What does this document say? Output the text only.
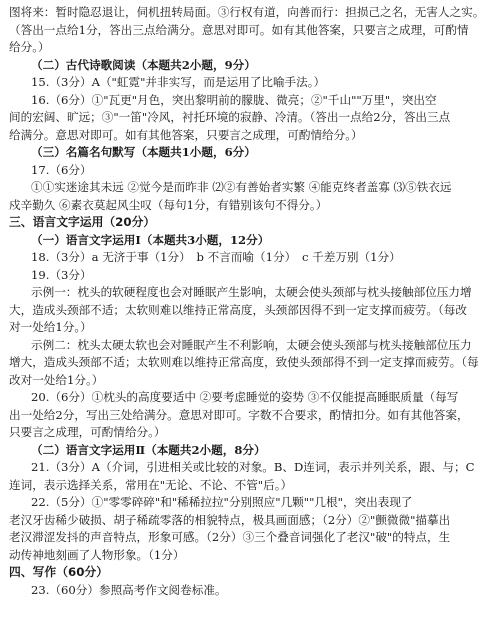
图将来：暂时隐忍退让，伺机扭转局面。③行权有道，向善而行：担损己之名，无害人之实。
（答出一点给1分，答出三点给满分。意思对即可。如有其他答案，只要言之成理，可酌情
给分。）
（二）古代诗歌阅读（本题共2小题，9分）
15.（3分）A（"虹霓"并非实写，而是运用了比喻手法。）
16.（6分）①"瓦更"月色，突出黎明前的朦胧、微亮；②"千山""万里"，突出空
间的宏阔、旷远；③"一笛"冷风，衬托环境的寂静、冷清。（答出一点给2分，答出三点
给满分。意思对即可。如有其他答案，只要言之成理，可酌情给分。）
（三）名篇名句默写（本题共1小题，6分）
17.（6分）
①①实迷途其未远 ②觉今是而昨非 ⑵②有善始者实繁 ④能克终者盖寡 ⑶⑤铁衣远
戍辛勤久 ⑥素衣莫起风尘叹（每句1分，有错别该句不得分。）
三、语言文字运用（20分）
（一）语言文字运用Ⅰ（本题共3小题，12分）
18.（3分）a 无济于事（1分）　b 不言而喻（1分）　c 千差万别（1分）
19.（3分）
示例一：枕头的软硬程度也会对睡眠产生影响，太硬会使头颈部与枕头接触部位压力增
大，造成头颈部不适；太软则难以维持正常高度，头颈部因得不到一定支撑而疲劳。（每改
对一处给1分。）
示例二：枕头太硬太软也会对睡眠产生不利影响，太硬会使头颈部与枕头接触部位压力
增大，造成头颈部不适；太软则难以维持正常高度，致使头颈部得不到一定支撑而疲劳。（每
改对一处给1分。）
20.（6分）①枕头的高度要适中 ②要考虑睡觉的姿势 ③不仅能提高睡眠质量（每写
出一处给2分，写出三处给满分。意思对即可。字数不合要求，酌情扣分。如有其他答案，
只要言之成理，可酌情给分。）
（二）语言文字运用Ⅱ（本题共2小题，8分）
21.（3分）A（介词，引进相关或比较的对象。B、D连词，表示并列关系，跟、与；C
连词，表示选择关系，常用在"无论、不论、不管"后。）
22.（5分）①"零零碎碎"和"稀稀拉拉"分别照应"几颗""几根"，突出表现了
老汉牙齿稀少破损、胡子稀疏零落的相貌特点，极具画面感；（2分）②"颤微微"描摹出
老汉滞涩发抖的声音特点，形象可感。（2分）③三个叠音词强化了老汉"破"的特点，生
动传神地刻画了人物形象。（1分）
四、写作（60分）
23.（60分）参照高考作文阅卷标准。
